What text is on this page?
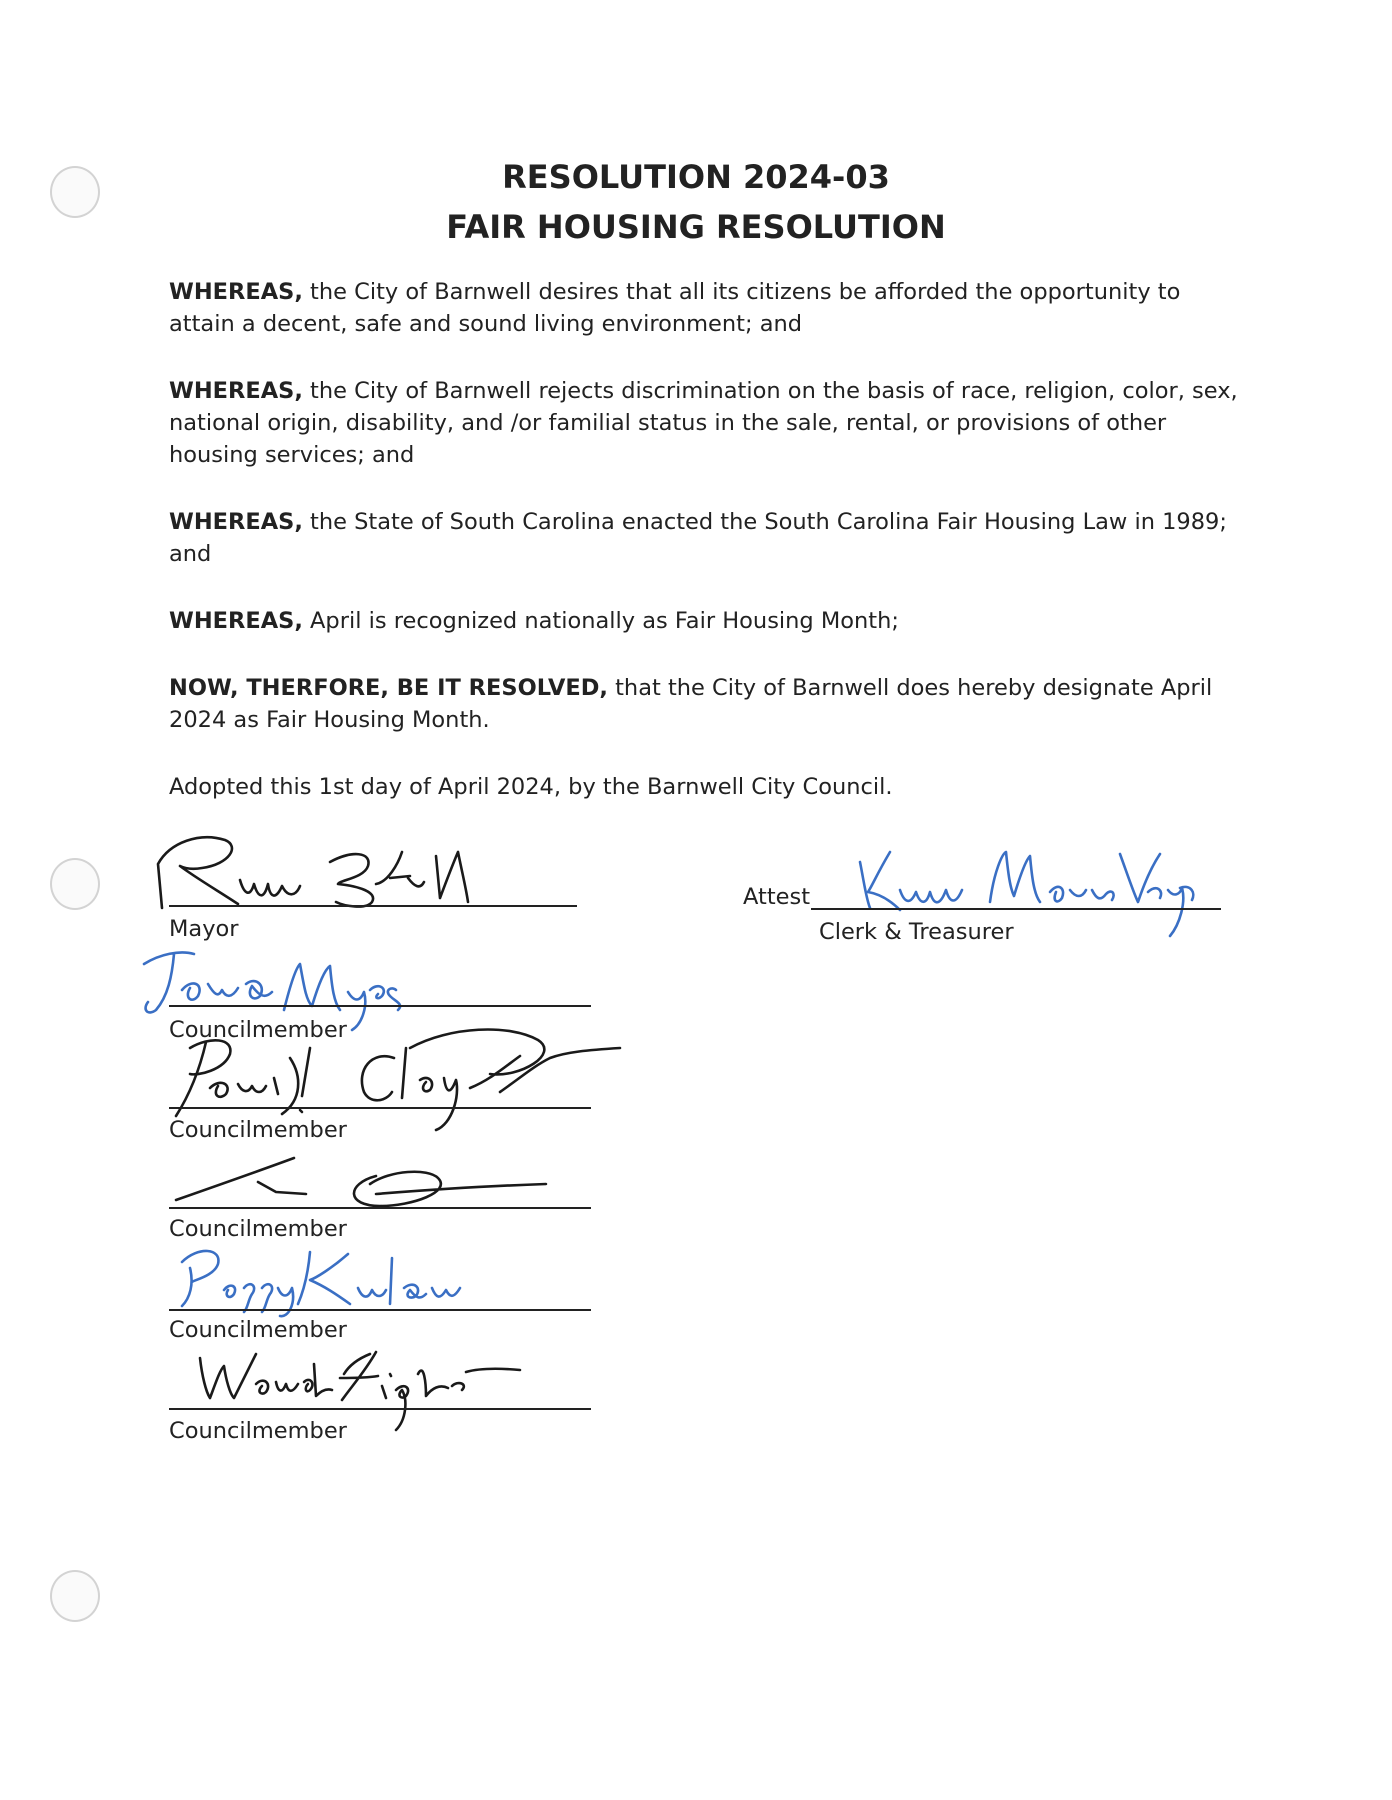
RESOLUTION 2024-03
FAIR HOUSING RESOLUTION

WHEREAS, the City of Barnwell desires that all its citizens be afforded the opportunity to attain a decent, safe and sound living environment; and

WHEREAS, the City of Barnwell rejects discrimination on the basis of race, religion, color, sex, national origin, disability, and /or familial status in the sale, rental, or provisions of other housing services; and

WHEREAS, the State of South Carolina enacted the South Carolina Fair Housing Law in 1989; and

WHEREAS, April is recognized nationally as Fair Housing Month;

NOW, THERFORE, BE IT RESOLVED, that the City of Barnwell does hereby designate April 2024 as Fair Housing Month.

Adopted this 1st day of April 2024, by the Barnwell City Council.

Mayor
Attest
Clerk & Treasurer
Councilmember
Councilmember
Councilmember
Councilmember
Councilmember
